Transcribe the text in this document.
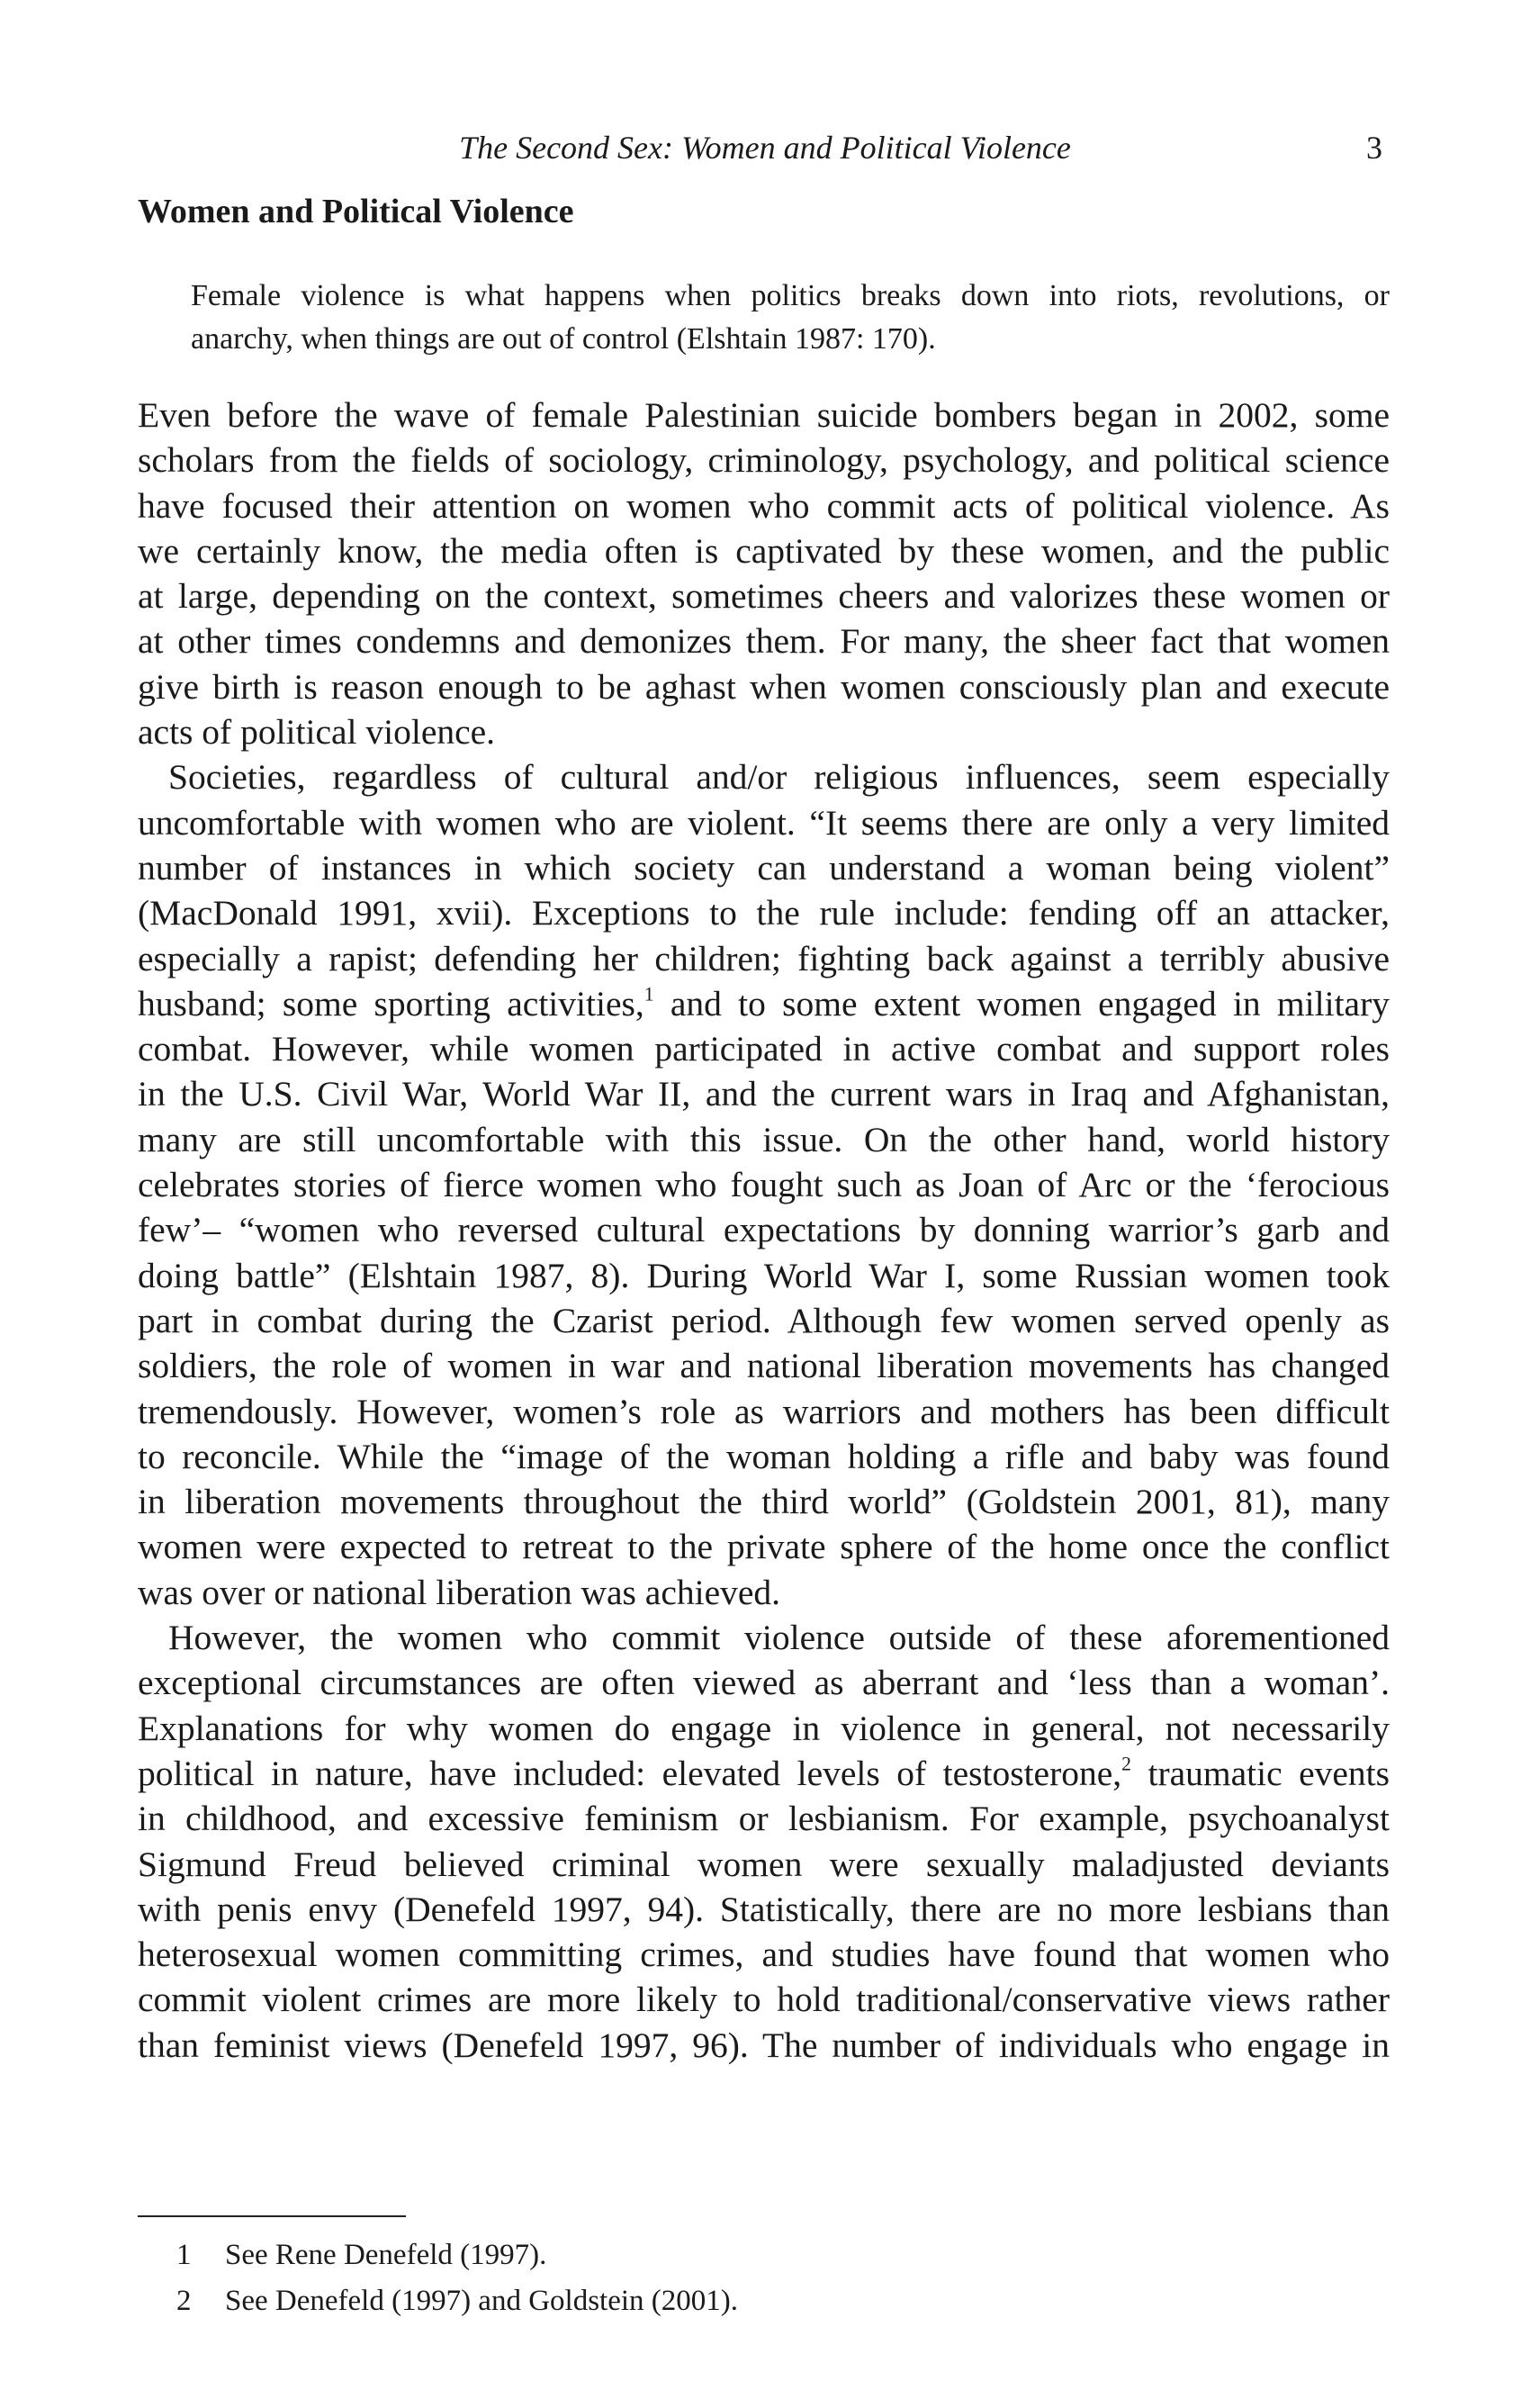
The Second Sex: Women and Political Violence	3
Women and Political Violence
Female violence is what happens when politics breaks down into riots, revolutions, or
anarchy, when things are out of control (Elshtain 1987: 170).
Even before the wave of female Palestinian suicide bombers began in 2002, some
scholars from the fields of sociology, criminology, psychology, and political science
have focused their attention on women who commit acts of political violence. As
we certainly know, the media often is captivated by these women, and the public
at large, depending on the context, sometimes cheers and valorizes these women or
at other times condemns and demonizes them. For many, the sheer fact that women
give birth is reason enough to be aghast when women consciously plan and execute
acts of political violence.
Societies, regardless of cultural and/or religious influences, seem especially
uncomfortable with women who are violent. “It seems there are only a very limited
number of instances in which society can understand a woman being violent”
(MacDonald 1991, xvii). Exceptions to the rule include: fending off an attacker,
especially a rapist; defending her children; fighting back against a terribly abusive
husband; some sporting activities,$^1$ and to some extent women engaged in military
combat. However, while women participated in active combat and support roles
in the U.S. Civil War, World War II, and the current wars in Iraq and Afghanistan,
many are still uncomfortable with this issue. On the other hand, world history
celebrates stories of fierce women who fought such as Joan of Arc or the ‘ferocious
few’– “women who reversed cultural expectations by donning warrior’s garb and
doing battle” (Elshtain 1987, 8). During World War I, some Russian women took
part in combat during the Czarist period. Although few women served openly as
soldiers, the role of women in war and national liberation movements has changed
tremendously. However, women’s role as warriors and mothers has been difficult
to reconcile. While the “image of the woman holding a rifle and baby was found
in liberation movements throughout the third world” (Goldstein 2001, 81), many
women were expected to retreat to the private sphere of the home once the conflict
was over or national liberation was achieved.
However, the women who commit violence outside of these aforementioned
exceptional circumstances are often viewed as aberrant and ‘less than a woman’.
Explanations for why women do engage in violence in general, not necessarily
political in nature, have included: elevated levels of testosterone,$^2$ traumatic events
in childhood, and excessive feminism or lesbianism. For example, psychoanalyst
Sigmund Freud believed criminal women were sexually maladjusted deviants
with penis envy (Denefeld 1997, 94). Statistically, there are no more lesbians than
heterosexual women committing crimes, and studies have found that women who
commit violent crimes are more likely to hold traditional/conservative views rather
than feminist views (Denefeld 1997, 96). The number of individuals who engage in
1 See Rene Denefeld (1997).
2 See Denefeld (1997) and Goldstein (2001).
